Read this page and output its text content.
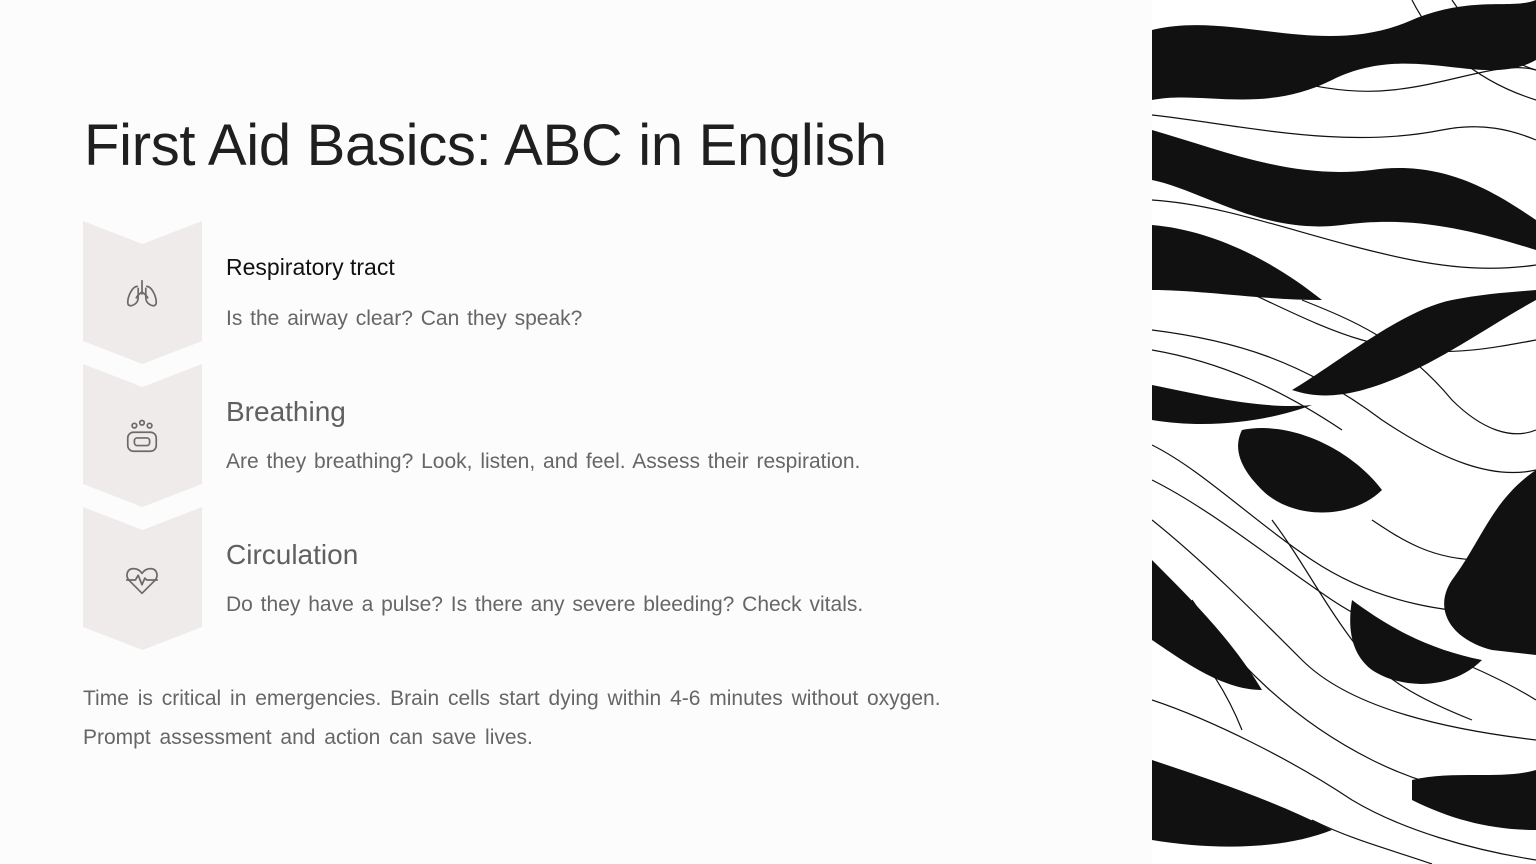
First Aid Basics: ABC in English
Respiratory tract

Is the airway clear? Can they speak?

Breathing

Are they breathing? Look, listen, and feel. Assess their respiration.

Circulation

Do they have a pulse? Is there any severe bleeding? Check vitals.

Time is critical in emergencies. Brain cells start dying within 4-6 minutes without oxygen. Prompt assessment and action can save lives.
